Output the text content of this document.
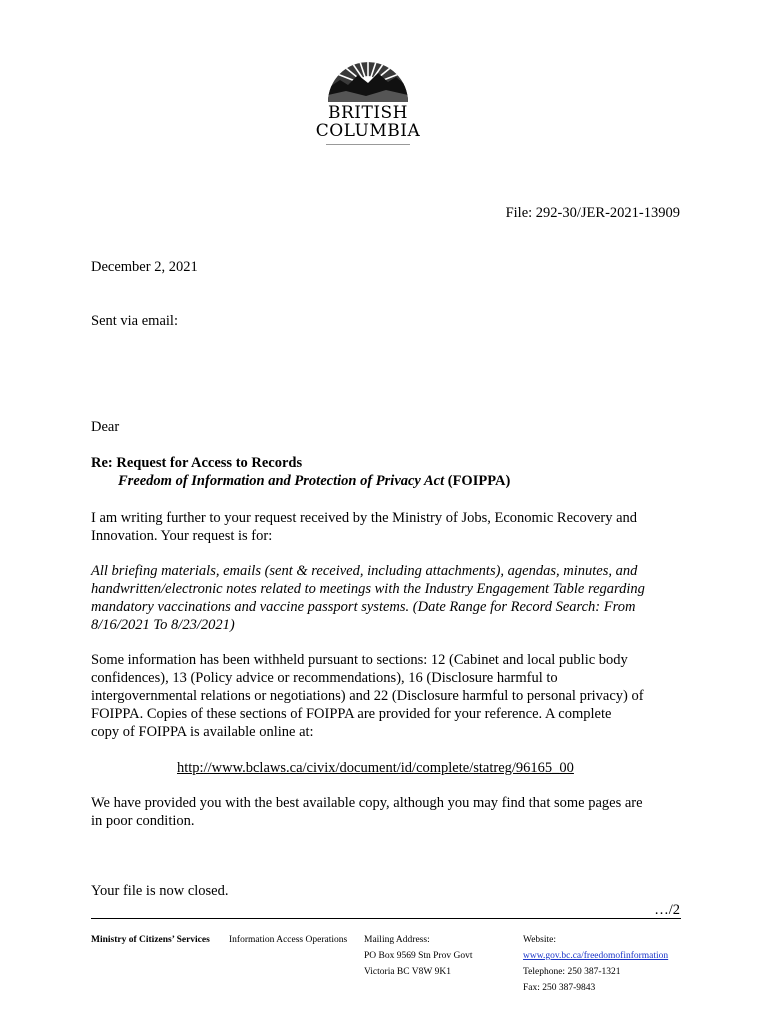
BRITISH
COLUMBIA
File: 292-30/JER-2021-13909
December 2, 2021
Sent via email:
Dear
Re: Request for Access to Records
Freedom of Information and Protection of Privacy Act (FOIPPA)
I am writing further to your request received by the Ministry of Jobs, Economic Recovery and
Innovation. Your request is for:
All briefing materials, emails (sent & received, including attachments), agendas, minutes, and
handwritten/electronic notes related to meetings with the Industry Engagement Table regarding
mandatory vaccinations and vaccine passport systems. (Date Range for Record Search: From
8/16/2021 To 8/23/2021)
Some information has been withheld pursuant to sections: 12 (Cabinet and local public body
confidences), 13 (Policy advice or recommendations), 16 (Disclosure harmful to
intergovernmental relations or negotiations) and 22 (Disclosure harmful to personal privacy) of
FOIPPA. Copies of these sections of FOIPPA are provided for your reference. A complete
copy of FOIPPA is available online at:
http://www.bclaws.ca/civix/document/id/complete/statreg/96165_00
We have provided you with the best available copy, although you may find that some pages are
in poor condition.
Your file is now closed.
…/2
Ministry of Citizens’ Services Information Access Operations Mailing Address:
PO Box 9569 Stn Prov Govt
Victoria BC V8W 9K1
Website:
www.gov.bc.ca/freedomofinformation
Telephone: 250 387-1321
Fax: 250 387-9843
